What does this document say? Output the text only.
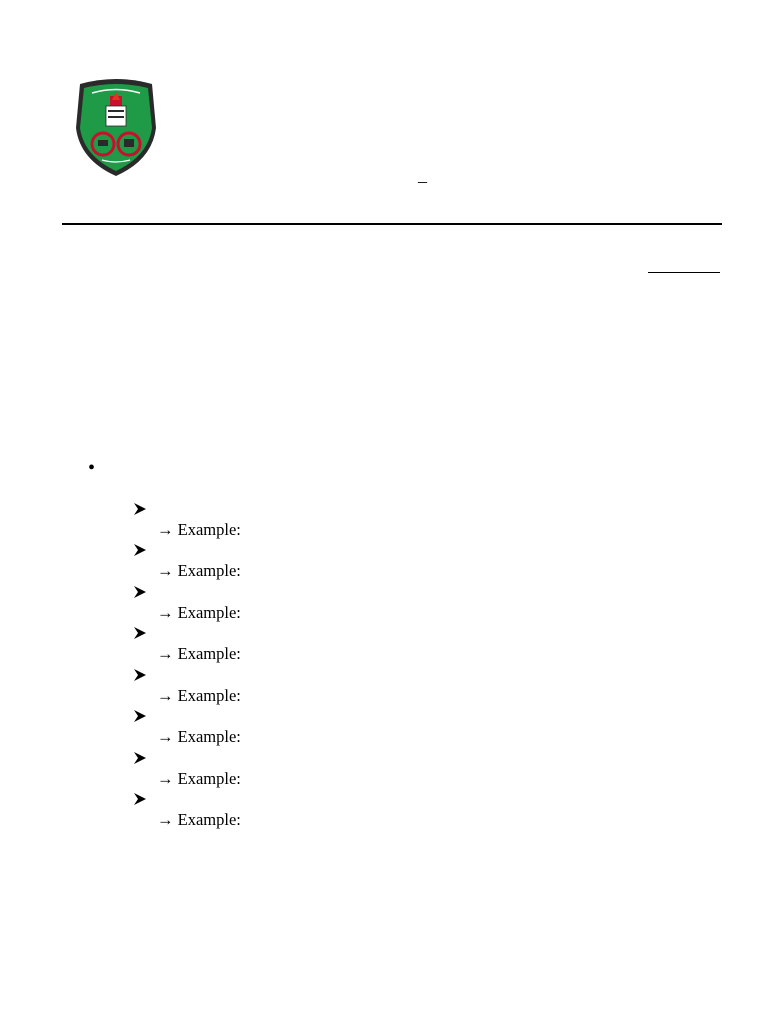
–
•
→ Example:
→ Example:
→ Example:
→ Example:
→ Example:
→ Example:
→ Example:
→ Example:
